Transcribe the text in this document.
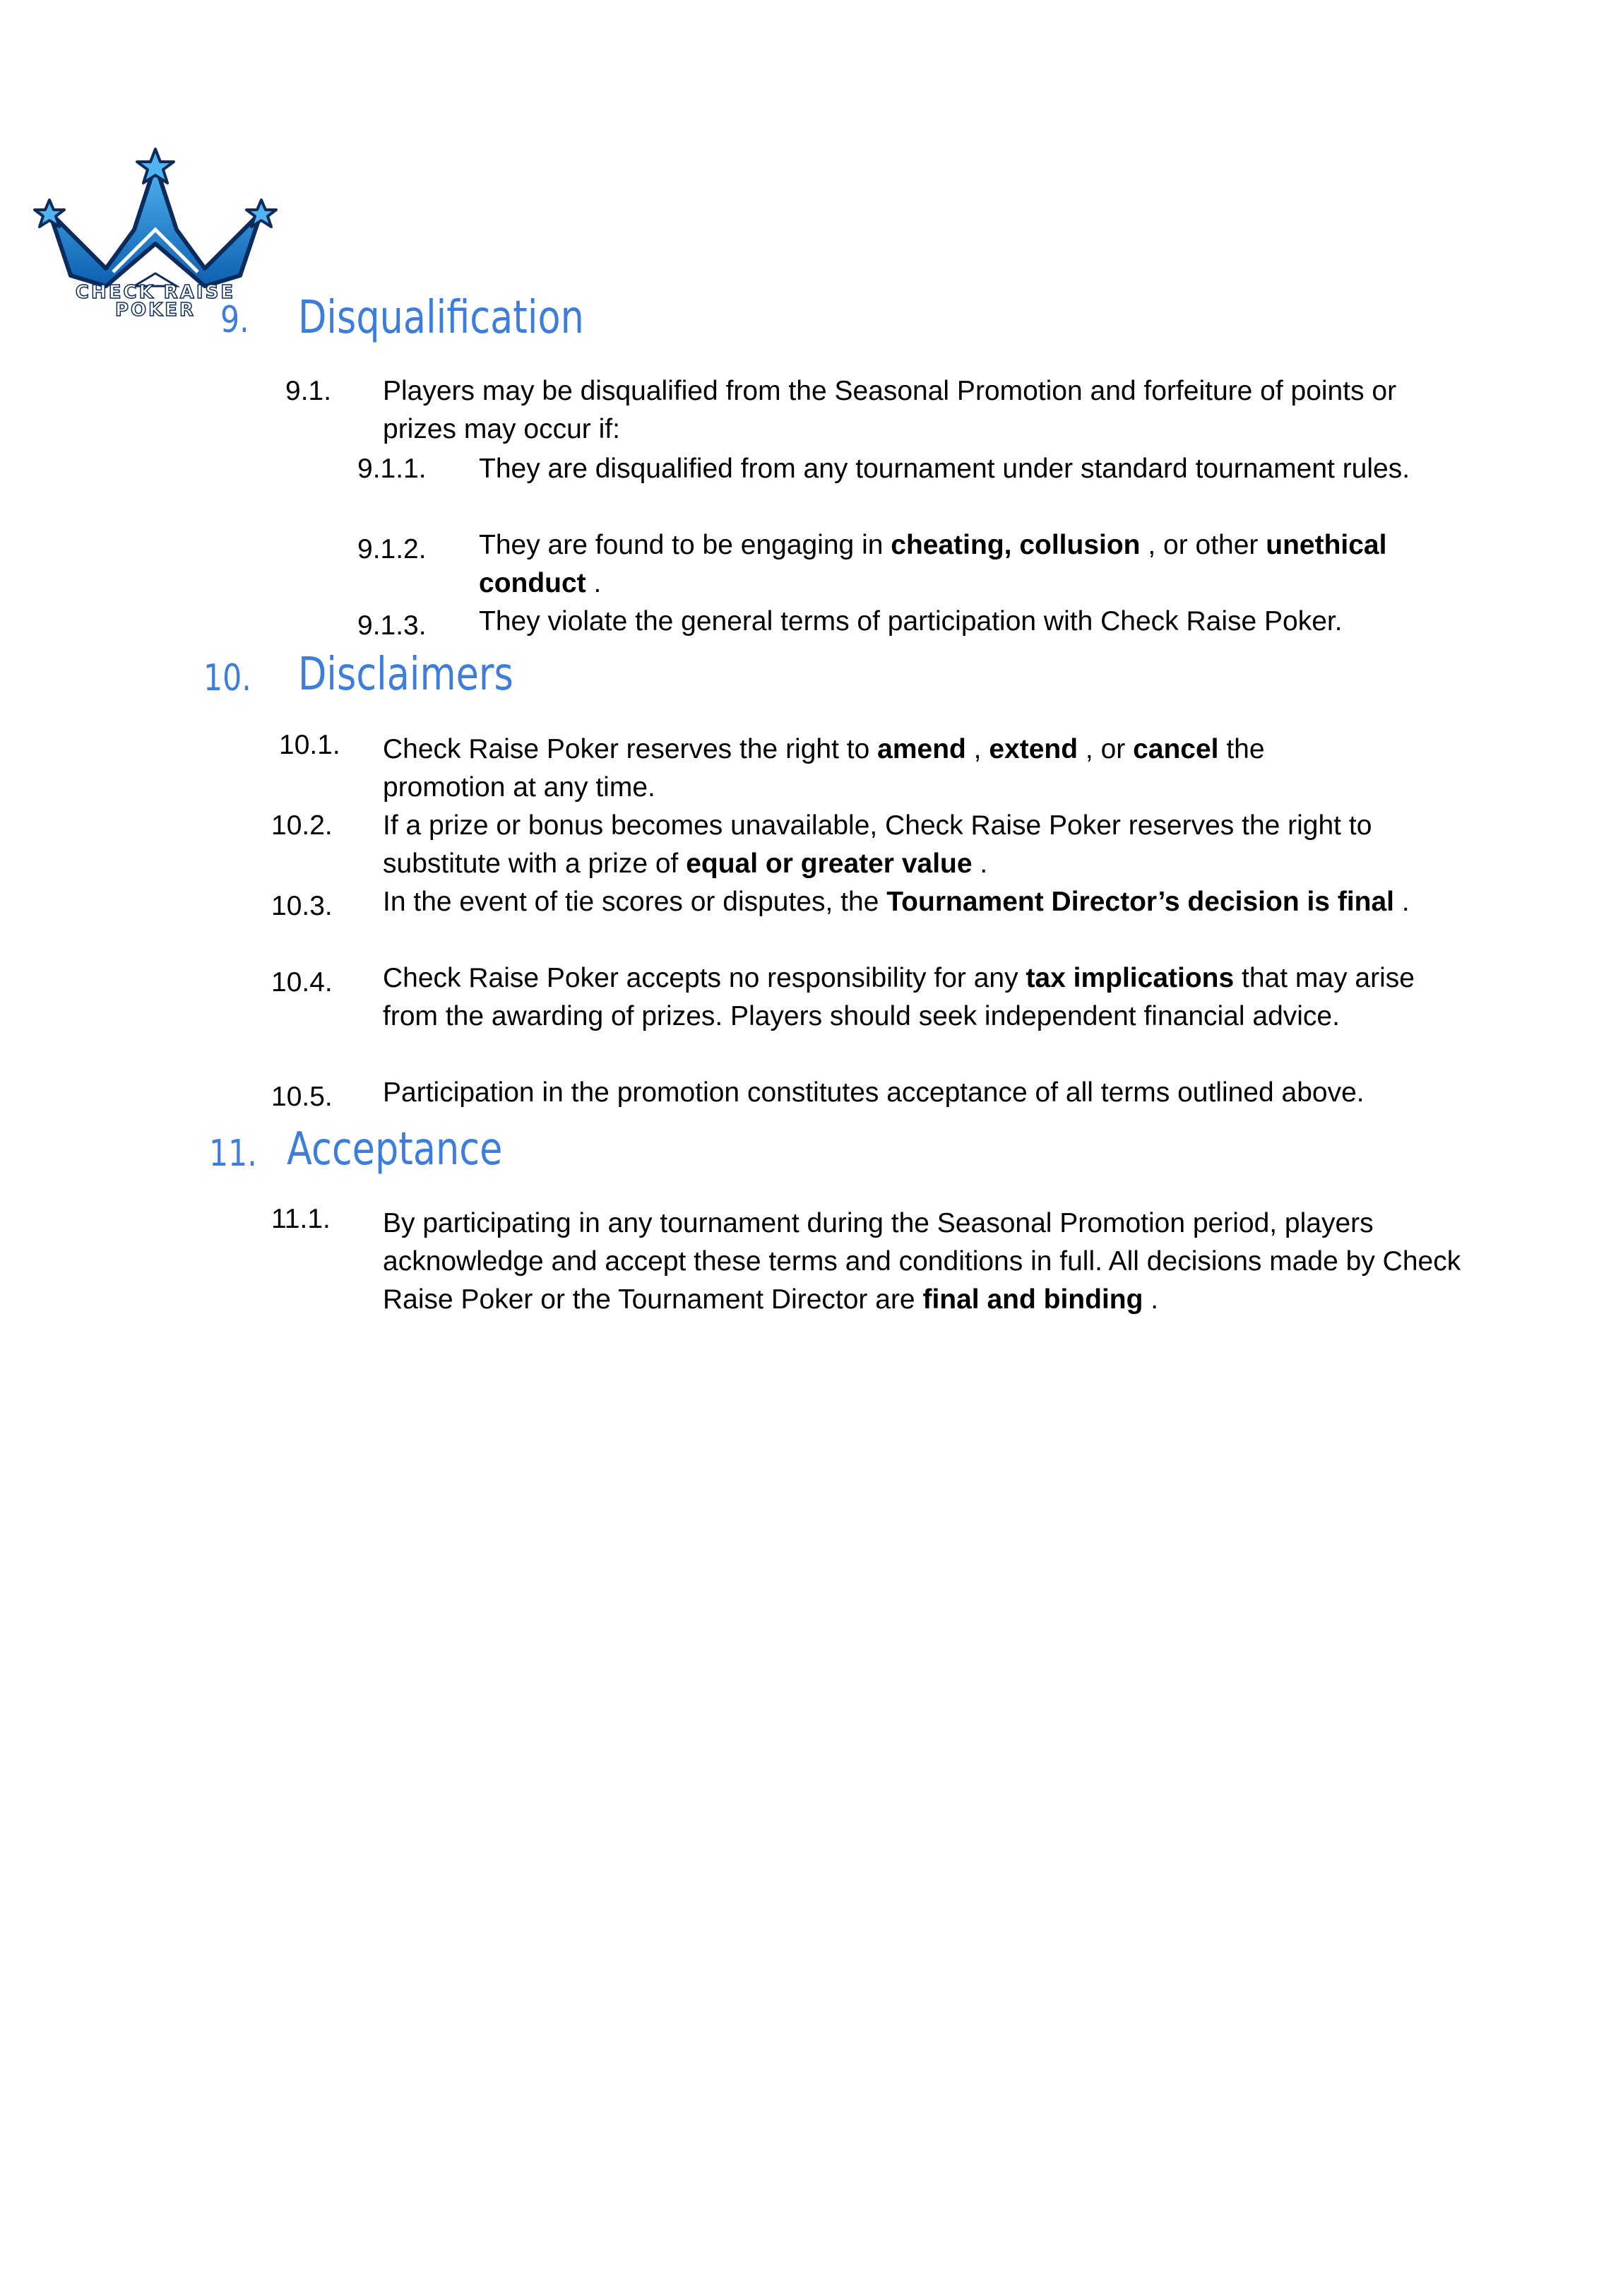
CHECK RAISE
POKER 9. Disqualification
9.1. Players may be disqualified from the Seasonal Promotion and forfeiture of points or prizes may occur if:
9.1.1. They are disqualified from any tournament under standard tournament rules.
9.1.2. They are found to be engaging in cheating, collusion , or other unethical conduct .
9.1.3. They violate the general terms of participation with Check Raise Poker.
10. Disclaimers
10.1. Check Raise Poker reserves the right to amend , extend , or cancel the promotion at any time.
10.2. If a prize or bonus becomes unavailable, Check Raise Poker reserves the right to substitute with a prize of equal or greater value .
10.3. In the event of tie scores or disputes, the Tournament Director’s decision is final .
10.4. Check Raise Poker accepts no responsibility for any tax implications that may arise from the awarding of prizes. Players should seek independent financial advice.
10.5. Participation in the promotion constitutes acceptance of all terms outlined above.
11. Acceptance
11.1. By participating in any tournament during the Seasonal Promotion period, players acknowledge and accept these terms and conditions in full. All decisions made by Check Raise Poker or the Tournament Director are final and binding .
